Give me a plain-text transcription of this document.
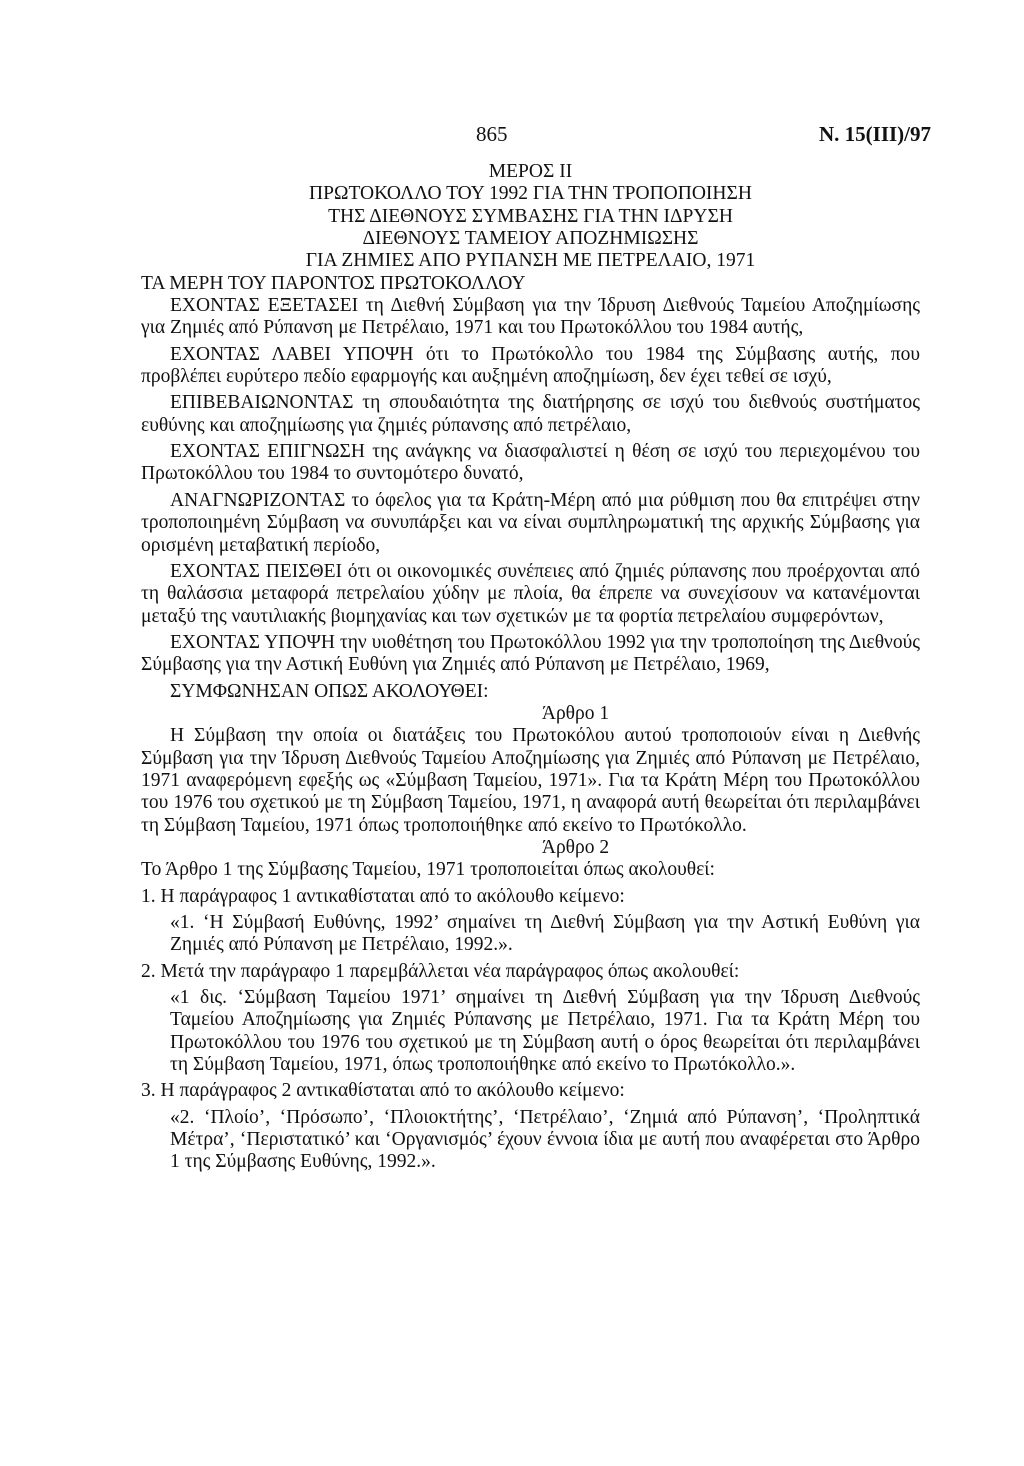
865	Ν. 15(ΙΙΙ)/97
ΜΕΡΟΣ ΙΙ
ΠΡΩΤΟΚΟΛΛΟ ΤΟΥ 1992 ΓΙΑ ΤΗΝ ΤΡΟΠΟΠΟΙΗΣΗ
ΤΗΣ ΔΙΕΘΝΟΥΣ ΣΥΜΒΑΣΗΣ ΓΙΑ ΤΗΝ ΙΔΡΥΣΗ
ΔΙΕΘΝΟΥΣ ΤΑΜΕΙΟΥ ΑΠΟΖΗΜΙΩΣΗΣ
ΓΙΑ ΖΗΜΙΕΣ ΑΠΟ ΡΥΠΑΝΣΗ ΜΕ ΠΕΤΡΕΛΑΙΟ, 1971
ΤΑ ΜΕΡΗ ΤΟΥ ΠΑΡΟΝΤΟΣ ΠΡΩΤΟΚΟΛΛΟΥ

ΕΧΟΝΤΑΣ ΕΞΕΤΑΣΕΙ τη Διεθνή Σύμβαση για την Ίδρυση Διεθνούς Ταμείου Αποζημίωσης για Ζημιές από Ρύπανση με Πετρέλαιο, 1971 και του Πρωτοκόλλου του 1984 αυτής,

ΕΧΟΝΤΑΣ ΛΑΒΕΙ ΥΠΟΨΗ ότι το Πρωτόκολλο του 1984 της Σύμβασης αυτής, που προβλέπει ευρύτερο πεδίο εφαρμογής και αυξημένη αποζημίωση, δεν έχει τεθεί σε ισχύ,

ΕΠΙΒΕΒΑΙΩΝΟΝΤΑΣ τη σπουδαιότητα της διατήρησης σε ισχύ του διεθνούς συστήματος ευθύνης και αποζημίωσης για ζημιές ρύπανσης από πετρέλαιο,

ΕΧΟΝΤΑΣ ΕΠΙΓΝΩΣΗ της ανάγκης να διασφαλιστεί η θέση σε ισχύ του περιεχομένου του Πρωτοκόλλου του 1984 το συντομότερο δυνατό,

ΑΝΑΓΝΩΡΙΖΟΝΤΑΣ το όφελος για τα Κράτη-Μέρη από μια ρύθμιση που θα επιτρέψει στην τροποποιημένη Σύμβαση να συνυπάρξει και να είναι συμπληρωματική της αρχικής Σύμβασης για ορισμένη μεταβατική περίοδο,

ΕΧΟΝΤΑΣ ΠΕΙΣΘΕΙ ότι οι οικονομικές συνέπειες από ζημιές ρύπανσης που προέρχονται από τη θαλάσσια μεταφορά πετρελαίου χύδην με πλοία, θα έπρεπε να συνεχίσουν να κατανέμονται μεταξύ της ναυτιλιακής βιομηχανίας και των σχετικών με τα φορτία πετρελαίου συμφερόντων,

ΕΧΟΝΤΑΣ ΥΠΟΨΗ την υιοθέτηση του Πρωτοκόλλου 1992 για την τροποποίηση της Διεθνούς Σύμβασης για την Αστική Ευθύνη για Ζημιές από Ρύπανση με Πετρέλαιο, 1969,

ΣΥΜΦΩΝΗΣΑΝ ΟΠΩΣ ΑΚΟΛΟΥΘΕΙ:

Άρθρο 1

Η Σύμβαση την οποία οι διατάξεις του Πρωτοκόλου αυτού τροποποιούν είναι η Διεθνής Σύμβαση για την Ίδρυση Διεθνούς Ταμείου Αποζημίωσης για Ζημιές από Ρύπανση με Πετρέλαιο, 1971 αναφερόμενη εφεξής ως «Σύμβαση Ταμείου, 1971». Για τα Κράτη Μέρη του Πρωτοκόλλου του 1976 του σχετικού με τη Σύμβαση Ταμείου, 1971, η αναφορά αυτή θεωρείται ότι περιλαμβάνει τη Σύμβαση Ταμείου, 1971 όπως τροποποιήθηκε από εκείνο το Πρωτόκολλο.

Άρθρο 2

Το Άρθρο 1 της Σύμβασης Ταμείου, 1971 τροποποιείται όπως ακολουθεί:

1. Η παράγραφος 1 αντικαθίσταται από το ακόλουθο κείμενο:

«1. ‘Η Σύμβασή Ευθύνης, 1992’ σημαίνει τη Διεθνή Σύμβαση για την Αστική Ευθύνη για Ζημιές από Ρύπανση με Πετρέλαιο, 1992.».

2. Μετά την παράγραφο 1 παρεμβάλλεται νέα παράγραφος όπως ακολουθεί:

«1 δις. ‘Σύμβαση Ταμείου 1971’ σημαίνει τη Διεθνή Σύμβαση για την Ίδρυση Διεθνούς Ταμείου Αποζημίωσης για Ζημιές Ρύπανσης με Πετρέλαιο, 1971. Για τα Κράτη Μέρη του Πρωτοκόλλου του 1976 του σχετικού με τη Σύμβαση αυτή ο όρος θεωρείται ότι περιλαμβάνει τη Σύμβαση Ταμείου, 1971, όπως τροποποιήθηκε από εκείνο το Πρωτόκολλο.».

3. Η παράγραφος 2 αντικαθίσταται από το ακόλουθο κείμενο:

«2. ‘Πλοίο’, ‘Πρόσωπο’, ‘Πλοιοκτήτης’, ‘Πετρέλαιο’, ‘Ζημιά από Ρύπανση’, ‘Προληπτικά Μέτρα’, ‘Περιστατικό’ και ‘Οργανισμός’ έχουν έννοια ίδια με αυτή που αναφέρεται στο Άρθρο 1 της Σύμβασης Ευθύνης, 1992.».
